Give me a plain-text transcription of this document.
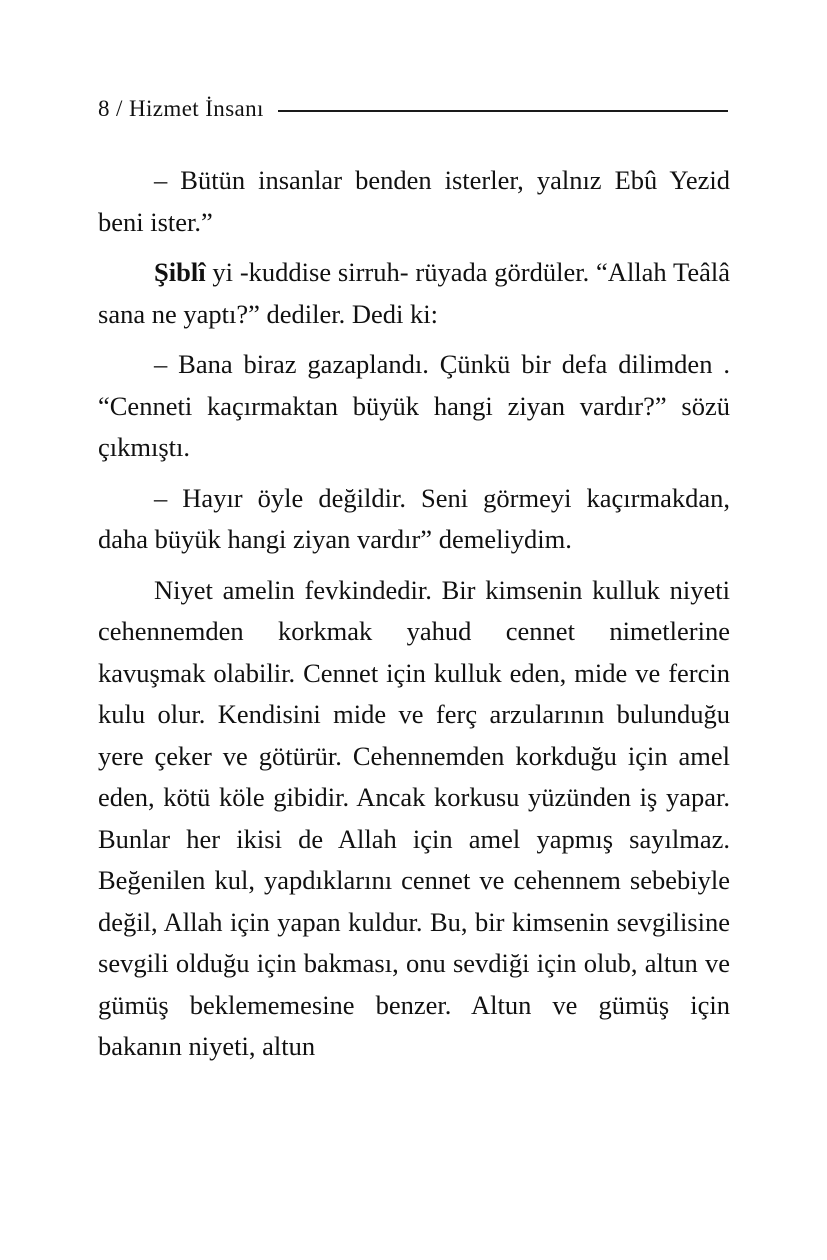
8 / Hizmet İnsanı

– Bütün insanlar benden isterler, yalnız Ebû Yezid beni ister.”

Şiblî yi -kuddise sirruh- rüyada gördüler. “Allah Teâlâ sana ne yaptı?” dediler. Dedi ki:

– Bana biraz gazaplandı. Çünkü bir defa dilimden . “Cenneti kaçırmaktan büyük hangi ziyan vardır?” sözü çıkmıştı.

– Hayır öyle değildir. Seni görmeyi kaçırmakdan, daha büyük hangi ziyan vardır” demeliydim.

Niyet amelin fevkindedir. Bir kimsenin kulluk niyeti cehennemden korkmak yahud cennet nimetlerine kavuşmak olabilir. Cennet için kulluk eden, mide ve fercin kulu olur. Kendisini mide ve ferç arzularının bulunduğu yere çeker ve götürür. Cehennemden korkduğu için amel eden, kötü köle gibidir. Ancak korkusu yüzünden iş yapar. Bunlar her ikisi de Allah için amel yapmış sayılmaz. Beğenilen kul, yapdıklarını cennet ve cehennem sebebiyle değil, Allah için yapan kuldur. Bu, bir kimsenin sevgilisine sevgili olduğu için bakması, onu sevdiği için olub, altun ve gümüş beklememesine benzer. Altun ve gümüş için bakanın niyeti, altun
